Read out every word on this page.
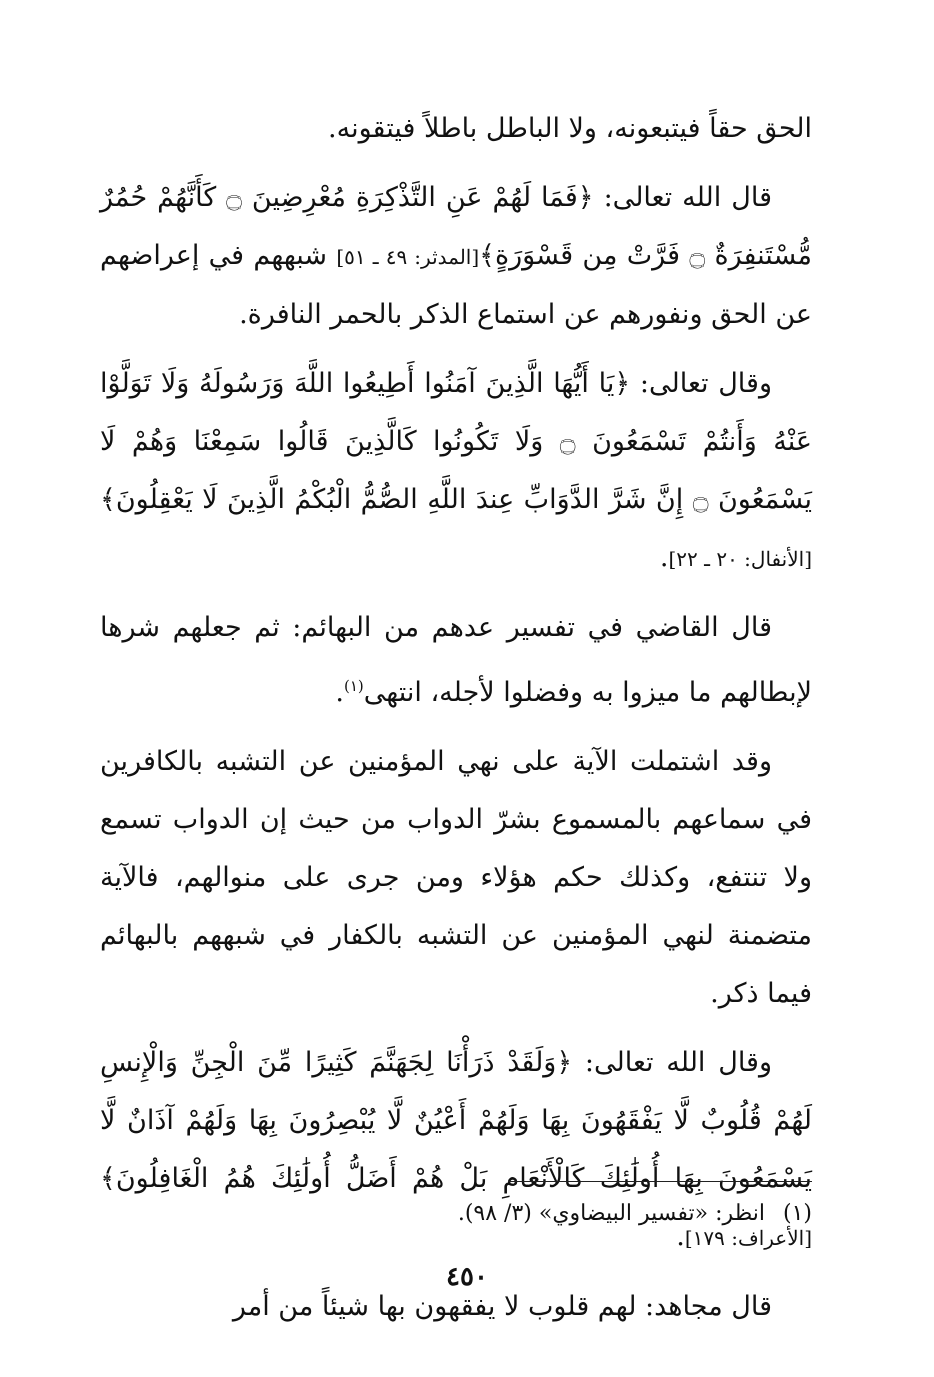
الحق حقاً فيتبعونه، ولا الباطل باطلاً فيتقونه.

قال الله تعالى: ﴿فَمَا لَهُمْ عَنِ التَّذْكِرَةِ مُعْرِضِينَ ۝ كَأَنَّهُمْ حُمُرٌ مُّسْتَنفِرَةٌ ۝ فَرَّتْ مِن قَسْوَرَةٍ﴾[المدثر: ٤٩ ـ ٥١] شبههم في إعراضهم عن الحق ونفورهم عن استماع الذكر بالحمر النافرة.

وقال تعالى: ﴿يَا أَيُّهَا الَّذِينَ آمَنُوا أَطِيعُوا اللَّهَ وَرَسُولَهُ وَلَا تَوَلَّوْا عَنْهُ وَأَنتُمْ تَسْمَعُونَ ۝ وَلَا تَكُونُوا كَالَّذِينَ قَالُوا سَمِعْنَا وَهُمْ لَا يَسْمَعُونَ ۝ إِنَّ شَرَّ الدَّوَابِّ عِندَ اللَّهِ الصُّمُّ الْبُكْمُ الَّذِينَ لَا يَعْقِلُونَ﴾[الأنفال: ٢٠ ـ ٢٢].

قال القاضي في تفسير عدهم من البهائم: ثم جعلهم شرها لإبطالهم ما ميزوا به وفضلوا لأجله، انتهى$^{(١)}$.

وقد اشتملت الآية على نهي المؤمنين عن التشبه بالكافرين في سماعهم بالمسموع بشرّ الدواب من حيث إن الدواب تسمع ولا تنتفع، وكذلك حكم هؤلاء ومن جرى على منوالهم، فالآية متضمنة لنهي المؤمنين عن التشبه بالكفار في شبههم بالبهائم فيما ذكر.

وقال الله تعالى: ﴿وَلَقَدْ ذَرَأْنَا لِجَهَنَّمَ كَثِيرًا مِّنَ الْجِنِّ وَالْإِنسِ لَهُمْ قُلُوبٌ لَّا يَفْقَهُونَ بِهَا وَلَهُمْ أَعْيُنٌ لَّا يُبْصِرُونَ بِهَا وَلَهُمْ آذَانٌ لَّا يَسْمَعُونَ بِهَا أُولَٰئِكَ كَالْأَنْعَامِ بَلْ هُمْ أَضَلُّ أُولَٰئِكَ هُمُ الْغَافِلُونَ﴾[الأعراف: ١٧٩].

قال مجاهد: لهم قلوب لا يفقهون بها شيئاً من أمر

(١)انظر: «تفسير البيضاوي» (٣/ ٩٨).
٤٥٠
